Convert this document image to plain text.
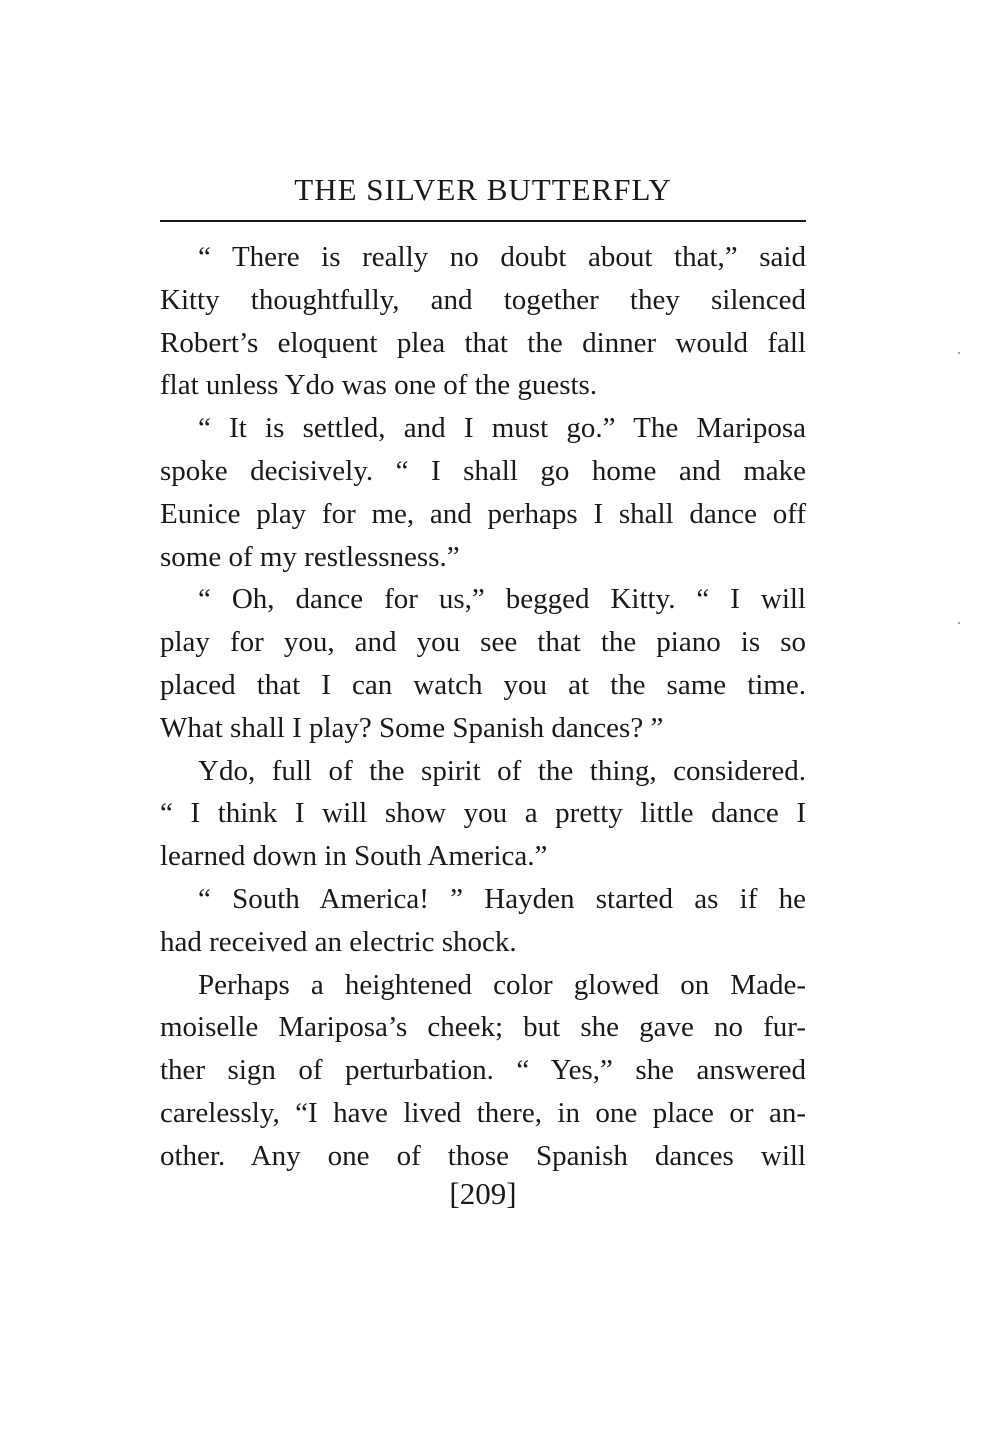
THE SILVER BUTTERFLY
“ There is really no doubt about that,” said
Kitty thoughtfully, and together they silenced
Robert’s eloquent plea that the dinner would fall
flat unless Ydo was one of the guests.
“ It is settled, and I must go.” The Mariposa
spoke decisively. “ I shall go home and make
Eunice play for me, and perhaps I shall dance off
some of my restlessness.”
“ Oh, dance for us,” begged Kitty. “ I will
play for you, and you see that the piano is so
placed that I can watch you at the same time.
What shall I play? Some Spanish dances? ”
Ydo, full of the spirit of the thing, considered.
“ I think I will show you a pretty little dance I
learned down in South America.”
“ South America! ” Hayden started as if he
had received an electric shock.
Perhaps a heightened color glowed on Made-
moiselle Mariposa’s cheek; but she gave no fur-
ther sign of perturbation. “ Yes,” she answered
carelessly, “I have lived there, in one place or an-
other. Any one of those Spanish dances will
[209]
